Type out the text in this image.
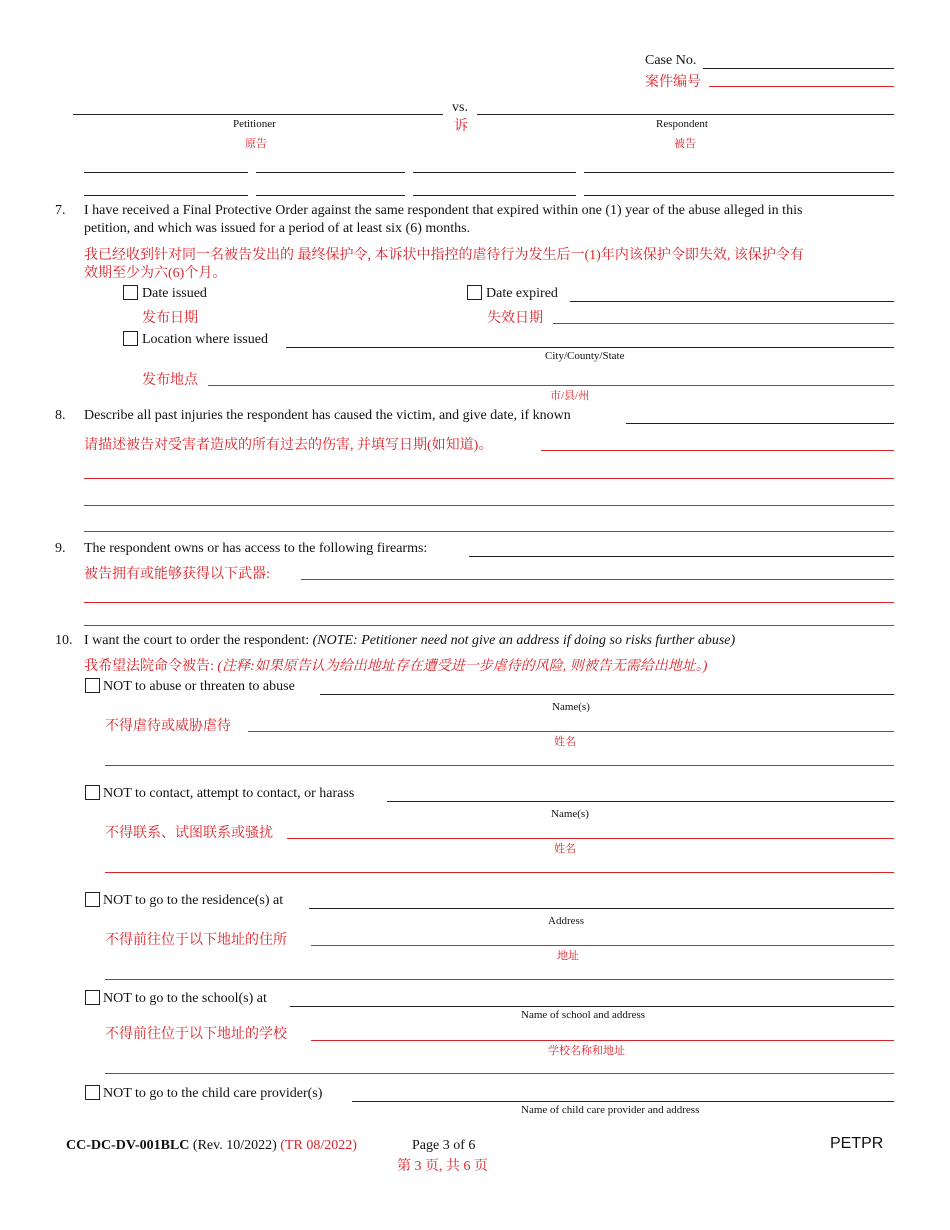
Case No.
案件编号
vs.
诉
Petitioner
原告
Respondent
被告
7. I have received a Final Protective Order against the same respondent that expired within one (1) year of the abuse alleged in this
petition, and which was issued for a period of at least six (6) months.
我已经收到针对同一名被告发出的 最终保护令, 本诉状中指控的虐待行为发生后一(1)年内该保护令即失效, 该保护令有
效期至少为六(6)个月。
Date issued
发布日期
Date expired
失效日期
Location where issued
City/County/State
发布地点
市/县/州
8. Describe all past injuries the respondent has caused the victim, and give date, if known
请描述被告对受害者造成的所有过去的伤害, 并填写日期(如知道)。
9. The respondent owns or has access to the following firearms:
被告拥有或能够获得以下武器:
10. I want the court to order the respondent: (NOTE: Petitioner need not give an address if doing so risks further abuse)
我希望法院命令被告: (注释:如果原告认为给出地址存在遭受进一步虐待的风险, 则被告无需给出地址。)
NOT to abuse or threaten to abuse
Name(s)
不得虐待或威胁虐待
姓名
NOT to contact, attempt to contact, or harass
Name(s)
不得联系、试图联系或骚扰
姓名
NOT to go to the residence(s) at
Address
不得前往位于以下地址的住所
地址
NOT to go to the school(s) at
Name of school and address
不得前往位于以下地址的学校
学校名称和地址
NOT to go to the child care provider(s)
Name of child care provider and address
CC-DC-DV-001BLC (Rev. 10/2022) (TR 08/2022)	Page 3 of 6
第 3 页, 共 6 页
PETPR
